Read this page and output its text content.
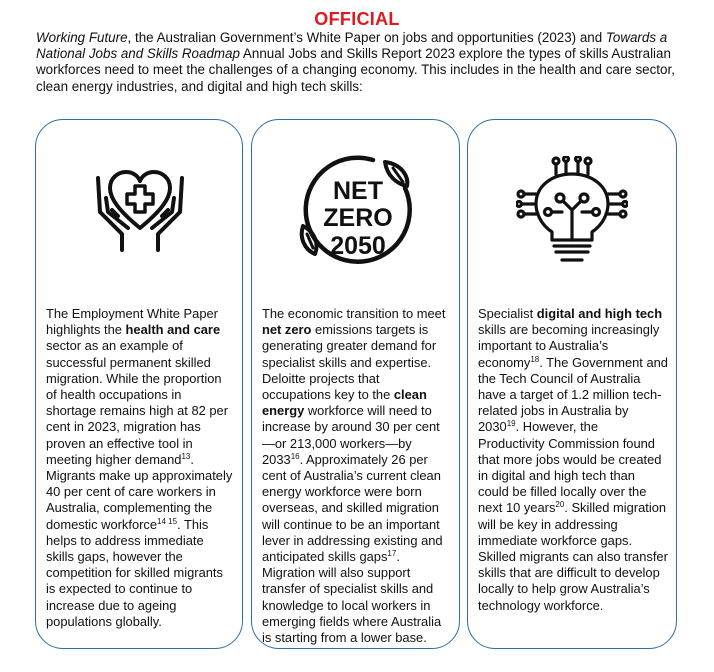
OFFICIAL
Working Future, the Australian Government’s White Paper on jobs and opportunities (2023) and Towards a National Jobs and Skills Roadmap Annual Jobs and Skills Report 2023 explore the types of skills Australian workforces need to meet the challenges of a changing economy. This includes in the health and care sector, clean energy industries, and digital and high tech skills:
The Employment White Paper highlights the health and care sector as an example of successful permanent skilled migration. While the proportion of health occupations in shortage remains high at 82 per cent in 2023, migration has proven an effective tool in meeting higher demand$^{13}$. Migrants make up approximately 40 per cent of care workers in Australia, complementing the domestic workforce$^{14 15}$. This helps to address immediate skills gaps, however the competition for skilled migrants is expected to continue to increase due to ageing populations globally.
NET
ZERO
2050
The economic transition to meet net zero emissions targets is generating greater demand for specialist skills and expertise. Deloitte projects that occupations key to the clean energy workforce will need to increase by around 30 per cent—or 213,000 workers—by 2033$^{16}$. Approximately 26 per cent of Australia’s current clean energy workforce were born overseas, and skilled migration will continue to be an important lever in addressing existing and anticipated skills gaps$^{17}$. Migration will also support transfer of specialist skills and knowledge to local workers in emerging fields where Australia is starting from a lower base.
Specialist digital and high tech skills are becoming increasingly important to Australia’s economy$^{18}$. The Government and the Tech Council of Australia have a target of 1.2 million tech-related jobs in Australia by 2030$^{19}$. However, the Productivity Commission found that more jobs would be created in digital and high tech than could be filled locally over the next 10 years$^{20}$. Skilled migration will be key in addressing immediate workforce gaps. Skilled migrants can also transfer skills that are difficult to develop locally to help grow Australia’s technology workforce.
